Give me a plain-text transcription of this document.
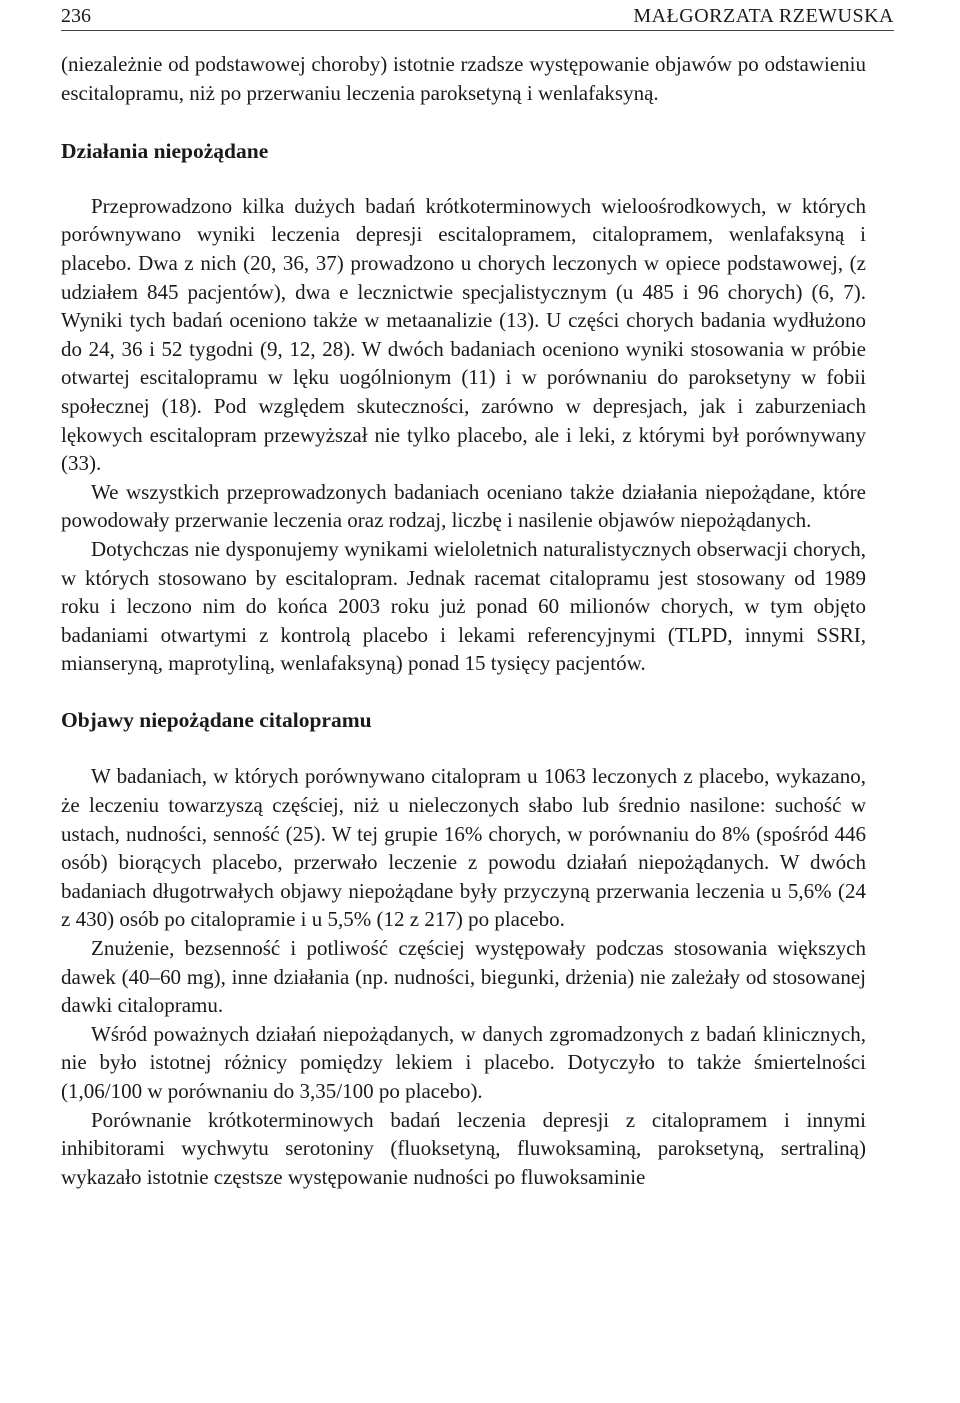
236	MAŁGORZATA RZEWUSKA

(niezależnie od podstawowej choroby) istotnie rzadsze występowanie objawów po odstawieniu escitalopramu, niż po przerwaniu leczenia paroksetyną i wenlafaksyną.

Działania niepożądane

Przeprowadzono kilka dużych badań krótkoterminowych wieloośrodkowych, w których porównywano wyniki leczenia depresji escitalopramem, citalopramem, wenlafaksyną i placebo. Dwa z nich (20, 36, 37) prowadzono u chorych leczonych w opiece podstawowej, (z udziałem 845 pacjentów), dwa e lecznictwie specjalistycznym (u 485 i 96 chorych) (6, 7). Wyniki tych badań oceniono także w metaanalizie (13). U części chorych badania wydłużono do 24, 36 i 52 tygodni (9, 12, 28). W dwóch badaniach oceniono wyniki stosowania w próbie otwartej escitalopramu w lęku uogólnionym (11) i w porównaniu do paroksetyny w fobii społecznej (18). Pod względem skuteczności, zarówno w depresjach, jak i zaburzeniach lękowych escitalopram przewyższał nie tylko placebo, ale i leki, z którymi był porównywany (33).

We wszystkich przeprowadzonych badaniach oceniano także działania niepożądane, które powodowały przerwanie leczenia oraz rodzaj, liczbę i nasilenie objawów niepożądanych.

Dotychczas nie dysponujemy wynikami wieloletnich naturalistycznych obserwacji chorych, w których stosowano by escitalopram. Jednak racemat citalopramu jest stosowany od 1989 roku i leczono nim do końca 2003 roku już ponad 60 milionów chorych, w tym objęto badaniami otwartymi z kontrolą placebo i lekami referencyjnymi (TLPD, innymi SSRI, mianseryną, maprotyliną, wenlafaksyną) ponad 15 tysięcy pacjentów.

Objawy niepożądane citalopramu

W badaniach, w których porównywano citalopram u 1063 leczonych z placebo, wykazano, że leczeniu towarzyszą częściej, niż u nieleczonych słabo lub średnio nasilone: suchość w ustach, nudności, senność (25). W tej grupie 16% chorych, w porównaniu do 8% (spośród 446 osób) biorących placebo, przerwało leczenie z powodu działań niepożądanych. W dwóch badaniach długotrwałych objawy niepożądane były przyczyną przerwania leczenia u 5,6% (24 z 430) osób po citalopramie i u 5,5% (12 z 217) po placebo.

Znużenie, bezsenność i potliwość częściej występowały podczas stosowania większych dawek (40–60 mg), inne działania (np. nudności, biegunki, drżenia) nie zależały od stosowanej dawki citalopramu.

Wśród poważnych działań niepożądanych, w danych zgromadzonych z badań klinicznych, nie było istotnej różnicy pomiędzy lekiem i placebo. Dotyczyło to także śmiertelności (1,06/100 w porównaniu do 3,35/100 po placebo).

Porównanie krótkoterminowych badań leczenia depresji z citalopramem i innymi inhibitorami wychwytu serotoniny (fluoksetyną, fluwoksaminą, paroksetyną, sertraliną) wykazało istotnie częstsze występowanie nudności po fluwoksaminie
